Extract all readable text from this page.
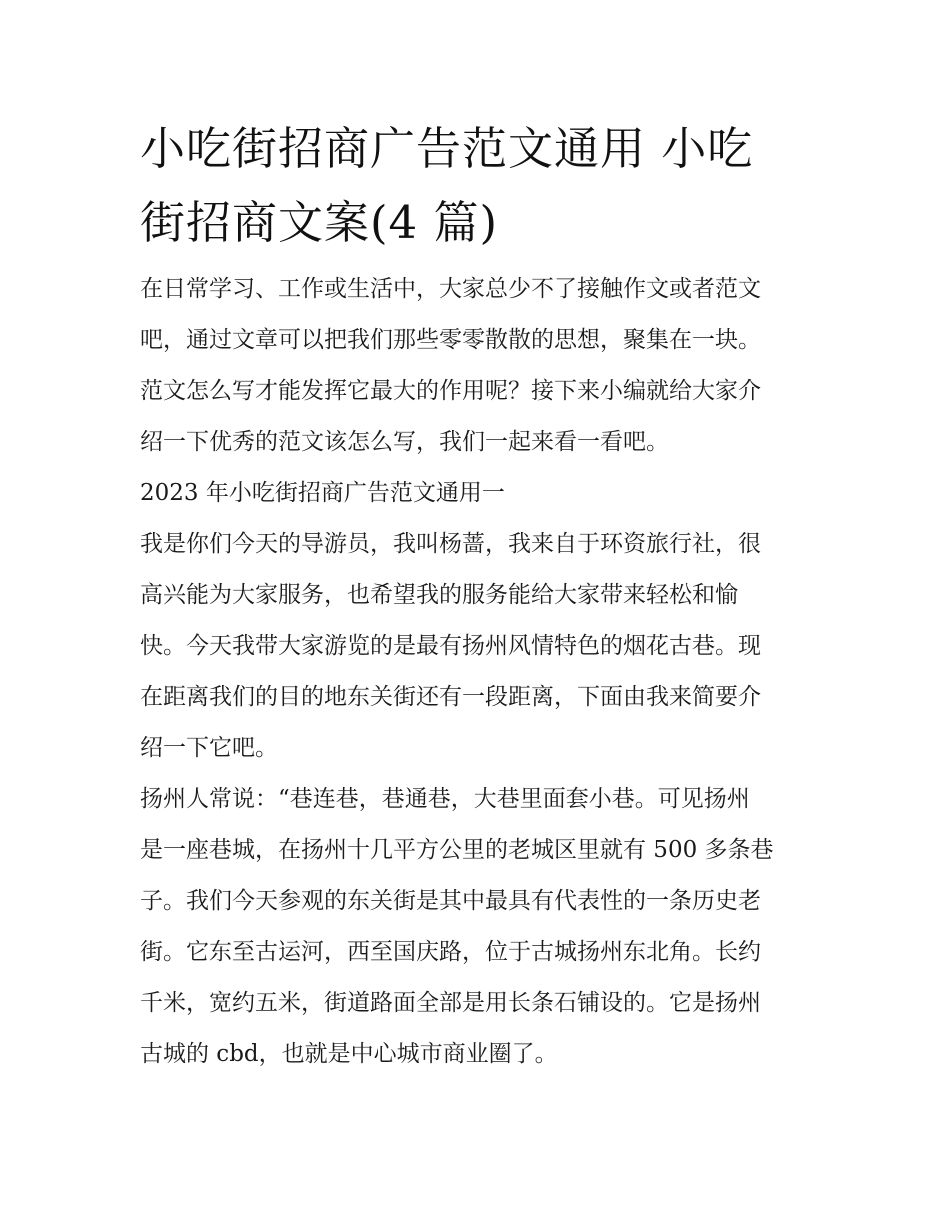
小吃街招商广告范文通用 小吃
街招商文案(4 篇)
在日常学习、工作或生活中，大家总少不了接触作文或者范文
吧，通过文章可以把我们那些零零散散的思想，聚集在一块。
范文怎么写才能发挥它最大的作用呢？接下来小编就给大家介
绍一下优秀的范文该怎么写，我们一起来看一看吧。
2023 年小吃街招商广告范文通用一
我是你们今天的导游员，我叫杨蔷，我来自于环资旅行社，很
高兴能为大家服务，也希望我的服务能给大家带来轻松和愉
快。今天我带大家游览的是最有扬州风情特色的烟花古巷。现
在距离我们的目的地东关街还有一段距离，下面由我来简要介
绍一下它吧。
扬州人常说：“巷连巷，巷通巷，大巷里面套小巷。可见扬州
是一座巷城，在扬州十几平方公里的老城区里就有 500 多条巷
子。我们今天参观的东关街是其中最具有代表性的一条历史老
街。它东至古运河，西至国庆路，位于古城扬州东北角。长约
千米，宽约五米，街道路面全部是用长条石铺设的。它是扬州
古城的 cbd，也就是中心城市商业圈了。
